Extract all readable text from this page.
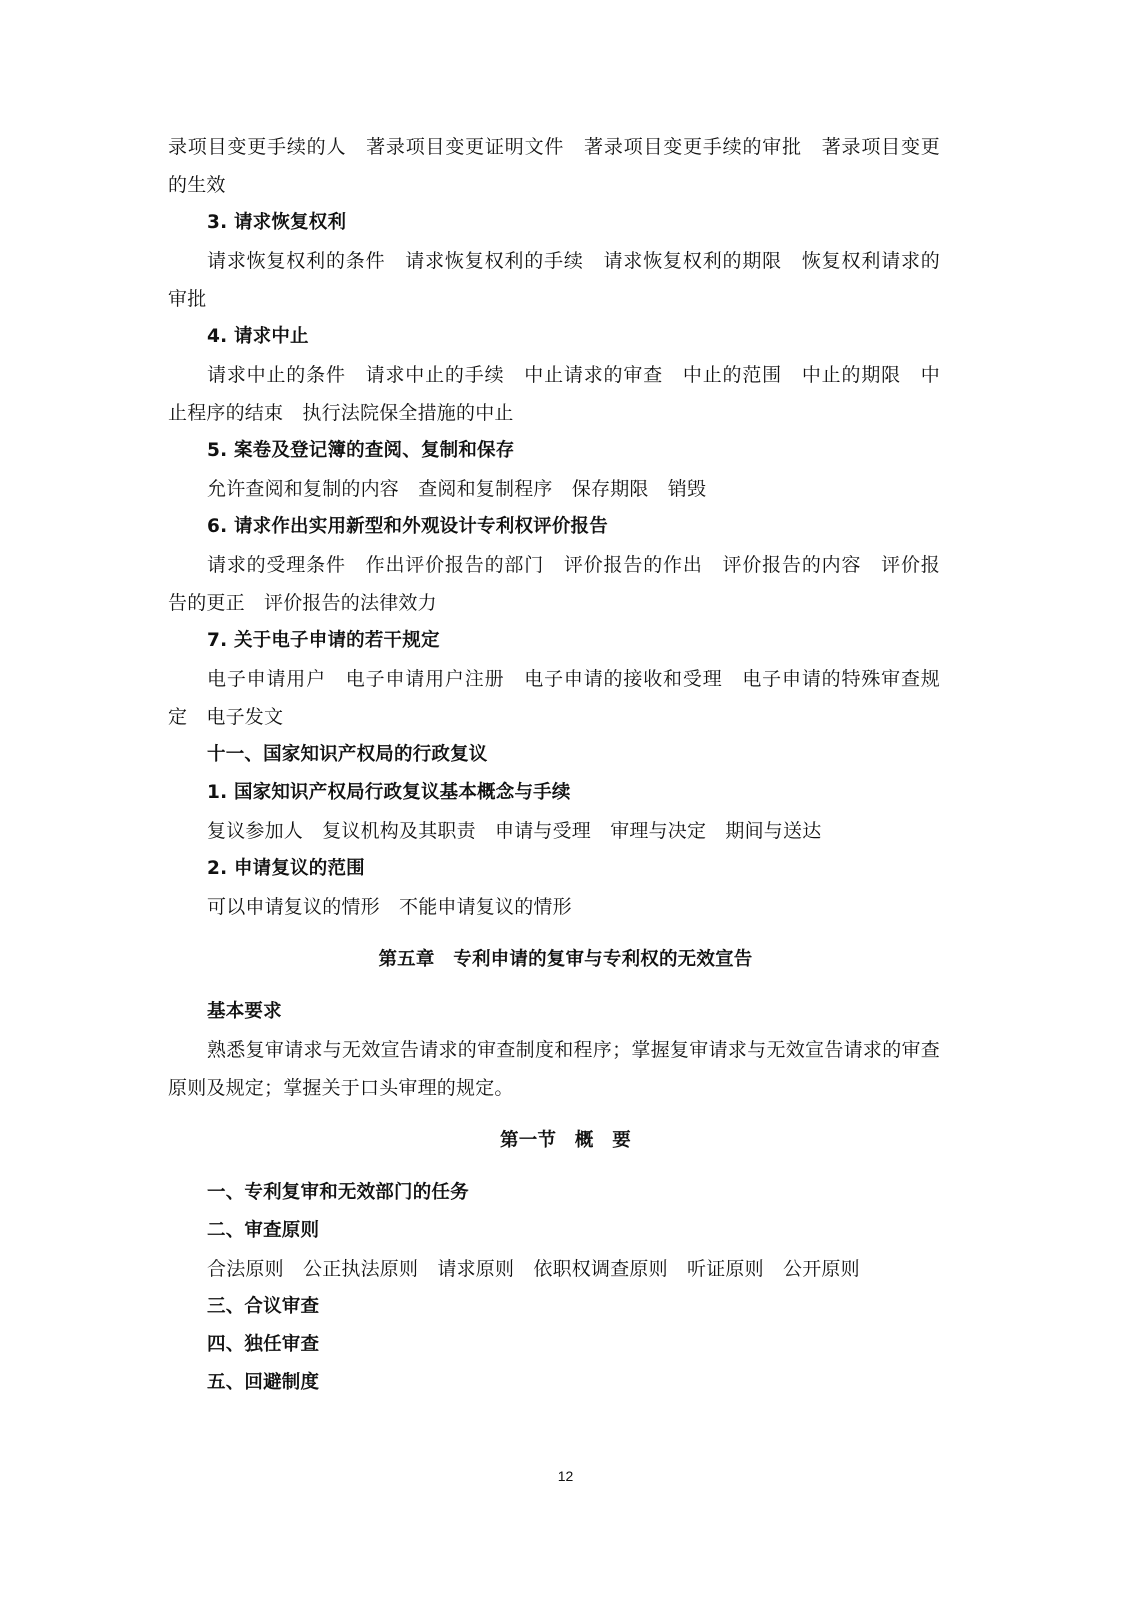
录项目变更手续的人　著录项目变更证明文件　著录项目变更手续的审批　著录项目变更
的生效
3. 请求恢复权利
请求恢复权利的条件　请求恢复权利的手续　请求恢复权利的期限　恢复权利请求的
审批
4. 请求中止
请求中止的条件　请求中止的手续　中止请求的审查　中止的范围　中止的期限　中
止程序的结束　执行法院保全措施的中止
5. 案卷及登记簿的查阅、复制和保存
允许查阅和复制的内容　查阅和复制程序　保存期限　销毁
6. 请求作出实用新型和外观设计专利权评价报告
请求的受理条件　作出评价报告的部门　评价报告的作出　评价报告的内容　评价报
告的更正　评价报告的法律效力
7. 关于电子申请的若干规定
电子申请用户　电子申请用户注册　电子申请的接收和受理　电子申请的特殊审查规
定　电子发文
十一、国家知识产权局的行政复议
1. 国家知识产权局行政复议基本概念与手续
复议参加人　复议机构及其职责　申请与受理　审理与决定　期间与送达
2. 申请复议的范围
可以申请复议的情形　不能申请复议的情形
第五章　专利申请的复审与专利权的无效宣告
基本要求
熟悉复审请求与无效宣告请求的审查制度和程序；掌握复审请求与无效宣告请求的审查
原则及规定；掌握关于口头审理的规定。
第一节　概　要
一、专利复审和无效部门的任务
二、审查原则
合法原则　公正执法原则　请求原则　依职权调查原则　听证原则　公开原则
三、合议审查
四、独任审查
五、回避制度
12
